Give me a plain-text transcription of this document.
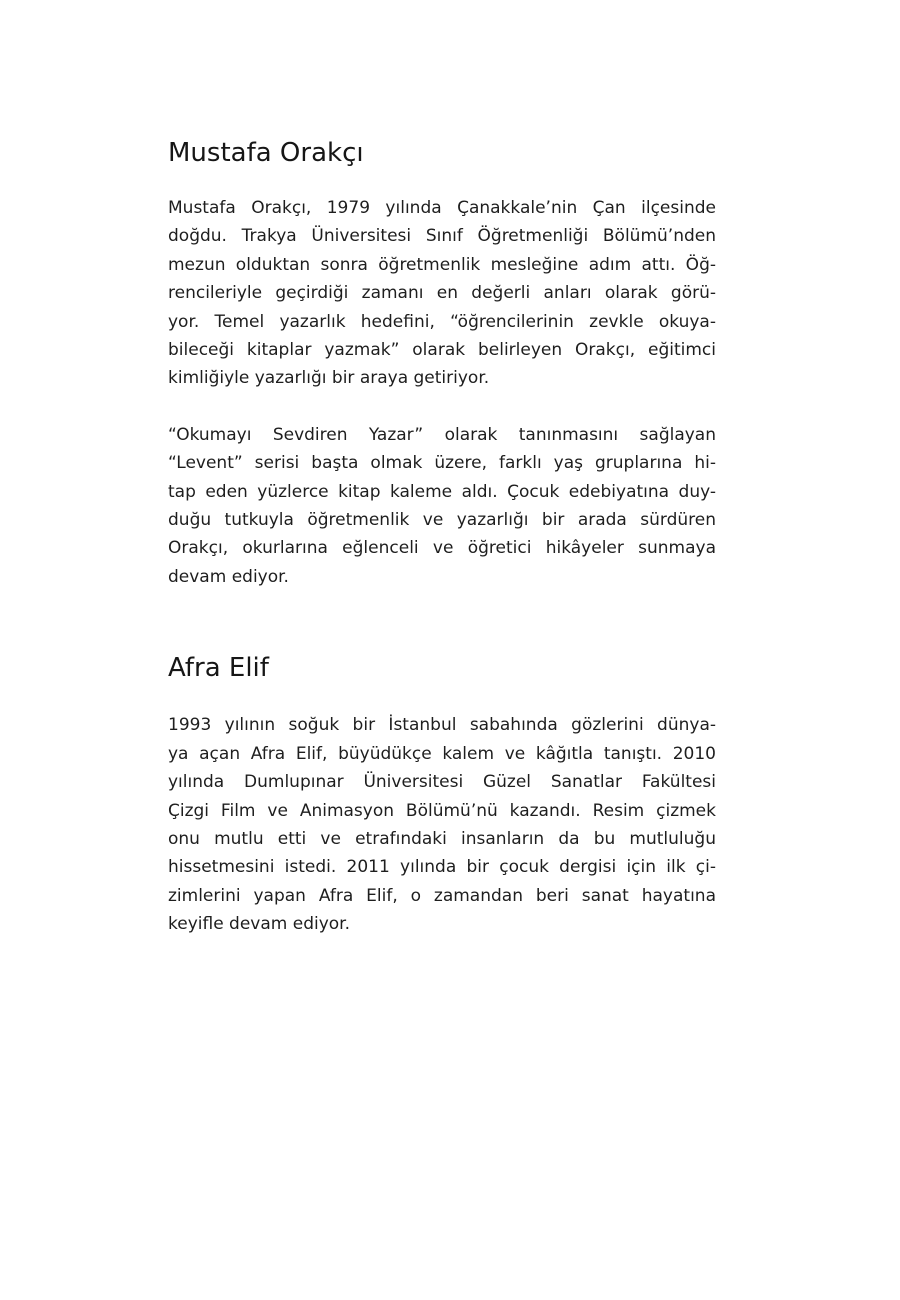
Mustafa Orakçı

Mustafa Orakçı, 1979 yılında Çanakkale’nin Çan ilçesinde
doğdu. Trakya Üniversitesi Sınıf Öğretmenliği Bölümü’nden
mezun olduktan sonra öğretmenlik mesleğine adım attı. Öğ-
rencileriyle geçirdiği zamanı en değerli anları olarak görü-
yor. Temel yazarlık hedefini, “öğrencilerinin zevkle okuya-
bileceği kitaplar yazmak” olarak belirleyen Orakçı, eğitimci
kimliğiyle yazarlığı bir araya getiriyor.

“Okumayı Sevdiren Yazar” olarak tanınmasını sağlayan
“Levent” serisi başta olmak üzere, farklı yaş gruplarına hi-
tap eden yüzlerce kitap kaleme aldı. Çocuk edebiyatına duy-
duğu tutkuyla öğretmenlik ve yazarlığı bir arada sürdüren
Orakçı, okurlarına eğlenceli ve öğretici hikâyeler sunmaya
devam ediyor.

Afra Elif

1993 yılının soğuk bir İstanbul sabahında gözlerini dünya-
ya açan Afra Elif, büyüdükçe kalem ve kâğıtla tanıştı. 2010
yılında Dumlupınar Üniversitesi Güzel Sanatlar Fakültesi
Çizgi Film ve Animasyon Bölümü’nü kazandı. Resim çizmek
onu mutlu etti ve etrafındaki insanların da bu mutluluğu
hissetmesini istedi. 2011 yılında bir çocuk dergisi için ilk çi-
zimlerini yapan Afra Elif, o zamandan beri sanat hayatına
keyifle devam ediyor.
